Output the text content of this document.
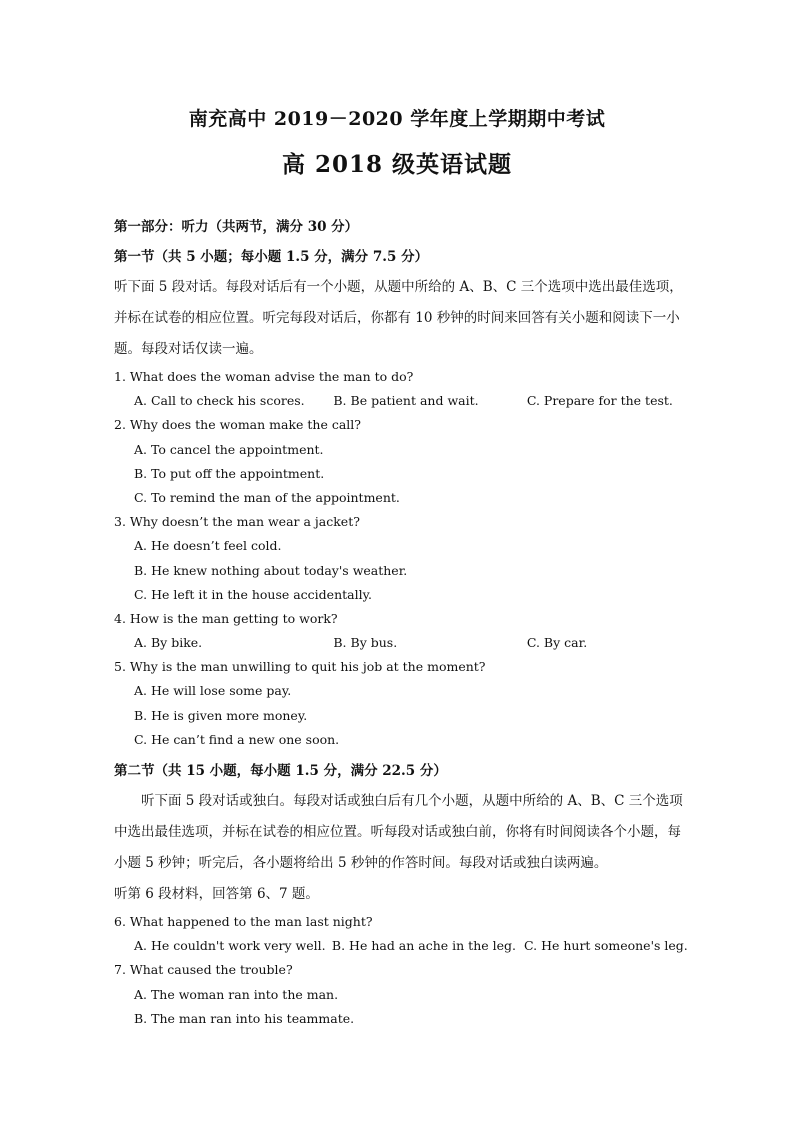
南充高中 2019－2020 学年度上学期期中考试
高 2018 级英语试题
第一部分：听力（共两节，满分 30 分）
第一节（共 5 小题；每小题 1.5 分，满分 7.5 分）
听下面 5 段对话。每段对话后有一个小题，从题中所给的 A、B、C 三个选项中选出最佳选项，并标在试卷的相应位置。听完每段对话后，你都有 10 秒钟的时间来回答有关小题和阅读下一小题。每段对话仅读一遍。
1. What does the woman advise the man to do?
A. Call to check his scores.	B. Be patient and wait.	C. Prepare for the test.
2. Why does the woman make the call?
A. To cancel the appointment.
B. To put off the appointment.
C. To remind the man of the appointment.
3. Why doesn’t the man wear a jacket?
A. He doesn’t feel cold.
B. He knew nothing about today's weather.
C. He left it in the house accidentally.
4. How is the man getting to work?
A. By bike.	B. By bus.	C. By car.
5. Why is the man unwilling to quit his job at the moment?
A. He will lose some pay.
B. He is given more money.
C. He can’t find a new one soon.
第二节（共 15 小题，每小题 1.5 分，满分 22.5 分）
听下面 5 段对话或独白。每段对话或独白后有几个小题，从题中所给的 A、B、C 三个选项中选出最佳选项，并标在试卷的相应位置。听每段对话或独白前，你将有时间阅读各个小题，每小题 5 秒钟；听完后，各小题将给出 5 秒钟的作答时间。每段对话或独白读两遍。
听第 6 段材料，回答第 6、7 题。
6. What happened to the man last night?
A. He couldn't work very well. B. He had an ache in the leg. C. He hurt someone's leg.
7. What caused the trouble?
A. The woman ran into the man.
B. The man ran into his teammate.
